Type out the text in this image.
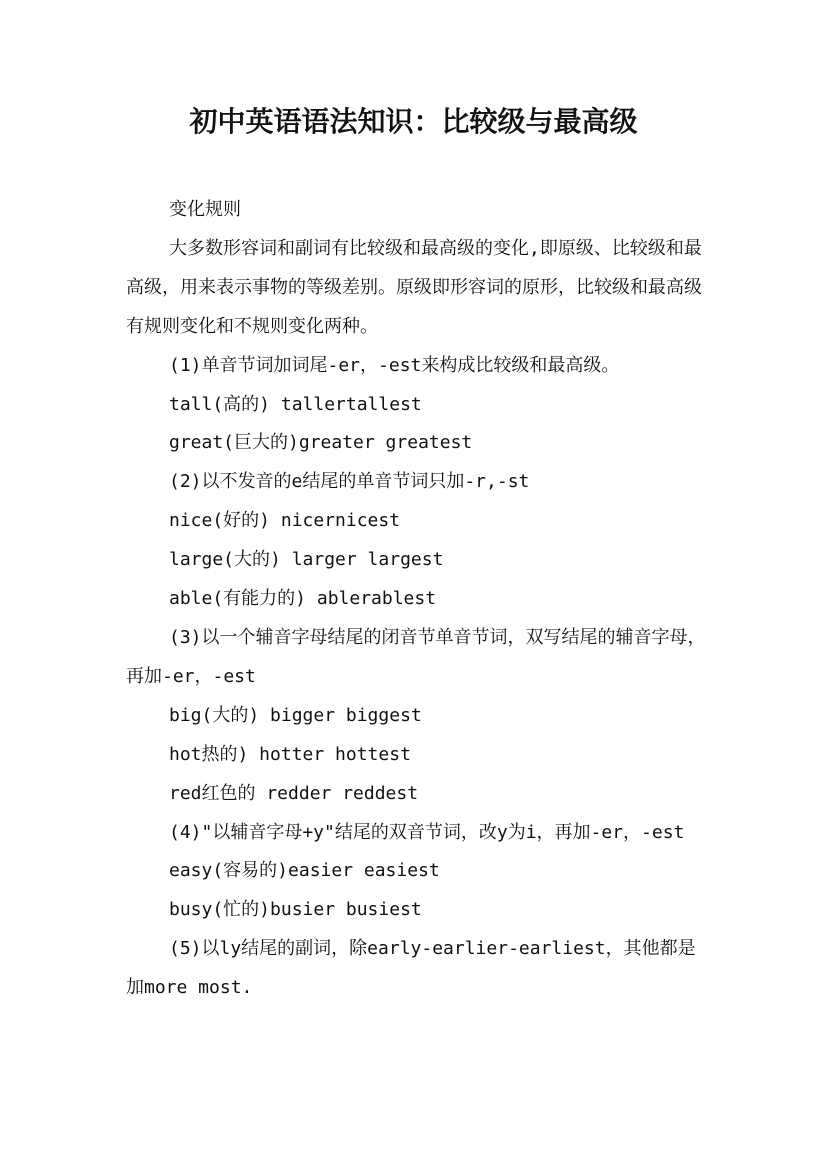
初中英语语法知识：比较级与最高级

变化规则

大多数形容词和副词有比较级和最高级的变化,即原级、比较级和最高级，用来表示事物的等级差别。原级即形容词的原形，比较级和最高级有规则变化和不规则变化两种。

(1)单音节词加词尾-er，-est来构成比较级和最高级。

tall(高的) tallertallest

great(巨大的)greater greatest

(2)以不发音的e结尾的单音节词只加-r,-st

nice(好的) nicernicest

large(大的) larger largest

able(有能力的) ablerablest

(3)以一个辅音字母结尾的闭音节单音节词，双写结尾的辅音字母，再加-er，-est

big(大的) bigger biggest

hot热的) hotter hottest

red红色的 redder reddest

(4)"以辅音字母+y"结尾的双音节词，改y为i，再加-er，-est

easy(容易的)easier easiest

busy(忙的)busier busiest

(5)以ly结尾的副词，除early-earlier-earliest，其他都是加more most.
